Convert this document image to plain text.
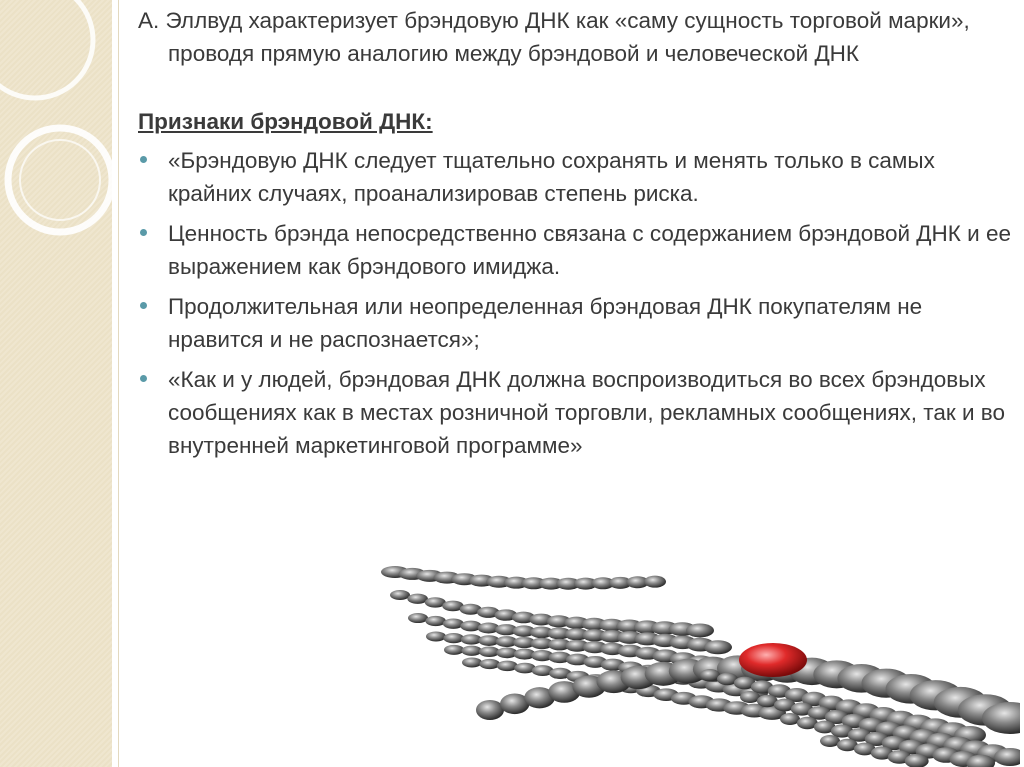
А. Эллвуд характеризует брэндовую ДНК как «саму сущность торговой марки», проводя прямую аналогию между брэндовой и человеческой ДНК

Признаки брэндовой ДНК:

«Брэндовую ДНК следует тщательно сохранять и менять только в самых крайних случаях, проанализировав степень риска.
Ценность брэнда непосредственно связана с содержанием брэндовой ДНК и ее выражением как брэндового имиджа.
Продолжительная или неопределенная брэндовая ДНК покупателям не нравится и не распознается»;
«Как и у людей, брэндовая ДНК должна воспроизводиться во всех брэндовых сообщениях как в местах розничной торговли, рекламных сообщениях, так и во внутренней маркетинговой программе»
